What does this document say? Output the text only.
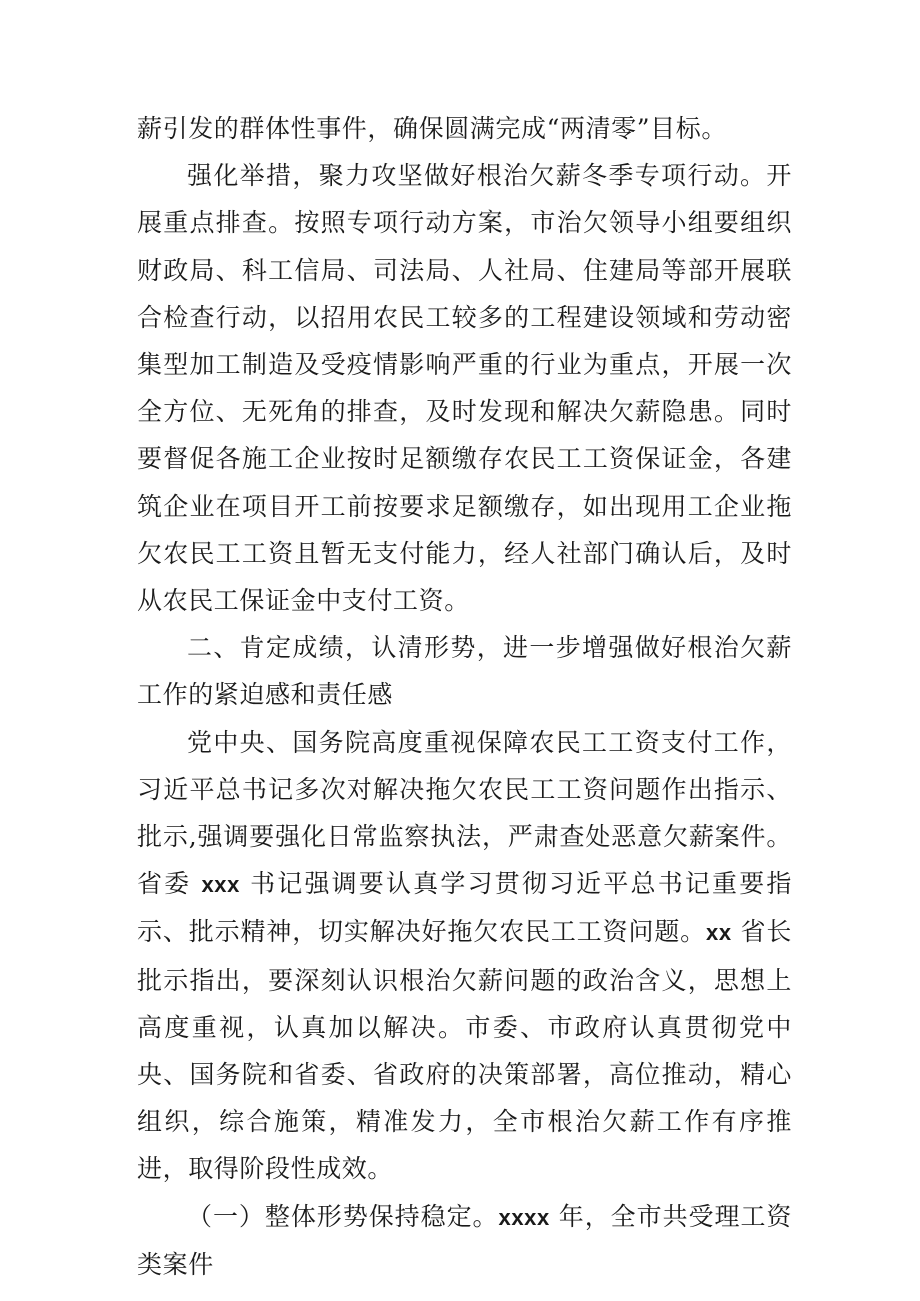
薪引发的群体性事件，确保圆满完成“两清零”目标。

强化举措，聚力攻坚做好根治欠薪冬季专项行动。开展重点排查。按照专项行动方案，市治欠领导小组要组织财政局、科工信局、司法局、人社局、住建局等部开展联合检查行动，以招用农民工较多的工程建设领域和劳动密集型加工制造及受疫情影响严重的行业为重点，开展一次全方位、无死角的排查，及时发现和解决欠薪隐患。同时要督促各施工企业按时足额缴存农民工工资保证金，各建筑企业在项目开工前按要求足额缴存，如出现用工企业拖欠农民工工资且暂无支付能力，经人社部门确认后，及时从农民工保证金中支付工资。

二、肯定成绩，认清形势，进一步增强做好根治欠薪工作的紧迫感和责任感

党中央、国务院高度重视保障农民工工资支付工作，习近平总书记多次对解决拖欠农民工工资问题作出指示、批示,强调要强化日常监察执法，严肃查处恶意欠薪案件。省委 xxx 书记强调要认真学习贯彻习近平总书记重要指示、批示精神，切实解决好拖欠农民工工资问题。xx 省长批示指出，要深刻认识根治欠薪问题的政治含义，思想上高度重视，认真加以解决。市委、市政府认真贯彻党中央、国务院和省委、省政府的决策部署，高位推动，精心组织，综合施策，精准发力，全市根治欠薪工作有序推进，取得阶段性成效。

（一）整体形势保持稳定。xxxx 年，全市共受理工资类案件
